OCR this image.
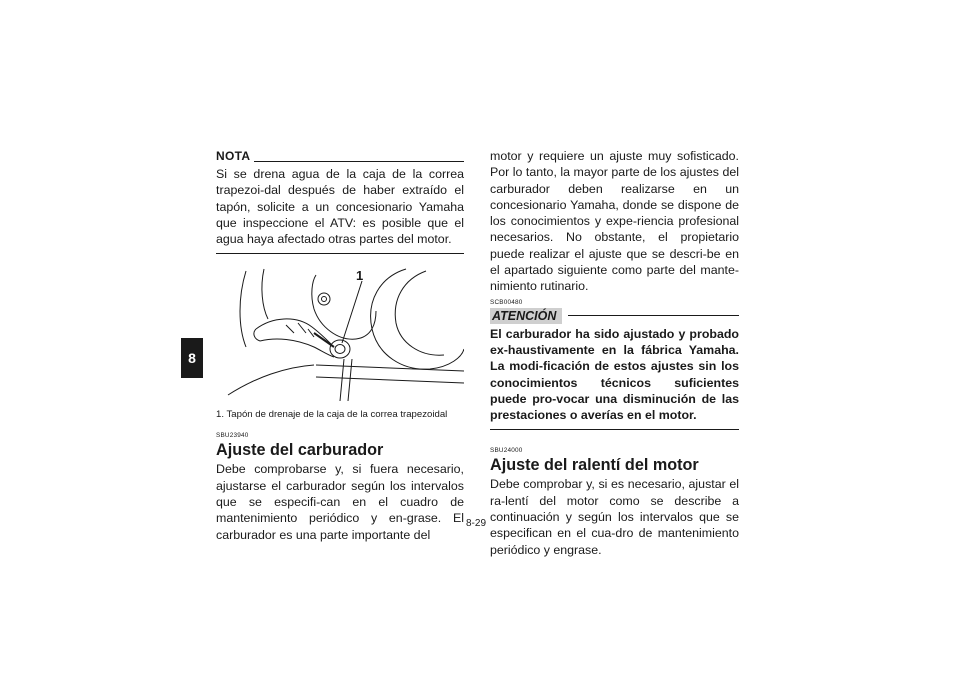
8
NOTA

Si se drena agua de la caja de la correa trapezoi-dal después de haber extraído el tapón, solicite a un concesionario Yamaha que inspeccione el ATV: es posible que el agua haya afectado otras partes del motor.

1
1. Tapón de drenaje de la caja de la correa trapezoidal
SBU23940
Ajuste del carburador

Debe comprobarse y, si fuera necesario, ajustarse el carburador según los intervalos que se especifi-can en el cuadro de mantenimiento periódico y en-grase. El carburador es una parte importante del

motor y requiere un ajuste muy sofisticado. Por lo tanto, la mayor parte de los ajustes del carburador deben realizarse en un concesionario Yamaha, donde se dispone de los conocimientos y expe-riencia profesional necesarios. No obstante, el propietario puede realizar el ajuste que se descri-be en el apartado siguiente como parte del mante-nimiento rutinario.

SCB00480
ATENCIÓN

El carburador ha sido ajustado y probado ex-haustivamente en la fábrica Yamaha. La modi-ficación de estos ajustes sin los conocimientos técnicos suficientes puede pro-vocar una disminución de las prestaciones o averías en el motor.

SBU24000
Ajuste del ralentí del motor

Debe comprobar y, si es necesario, ajustar el ra-lentí del motor como se describe a continuación y según los intervalos que se especifican en el cua-dro de mantenimiento periódico y engrase.

8-29
